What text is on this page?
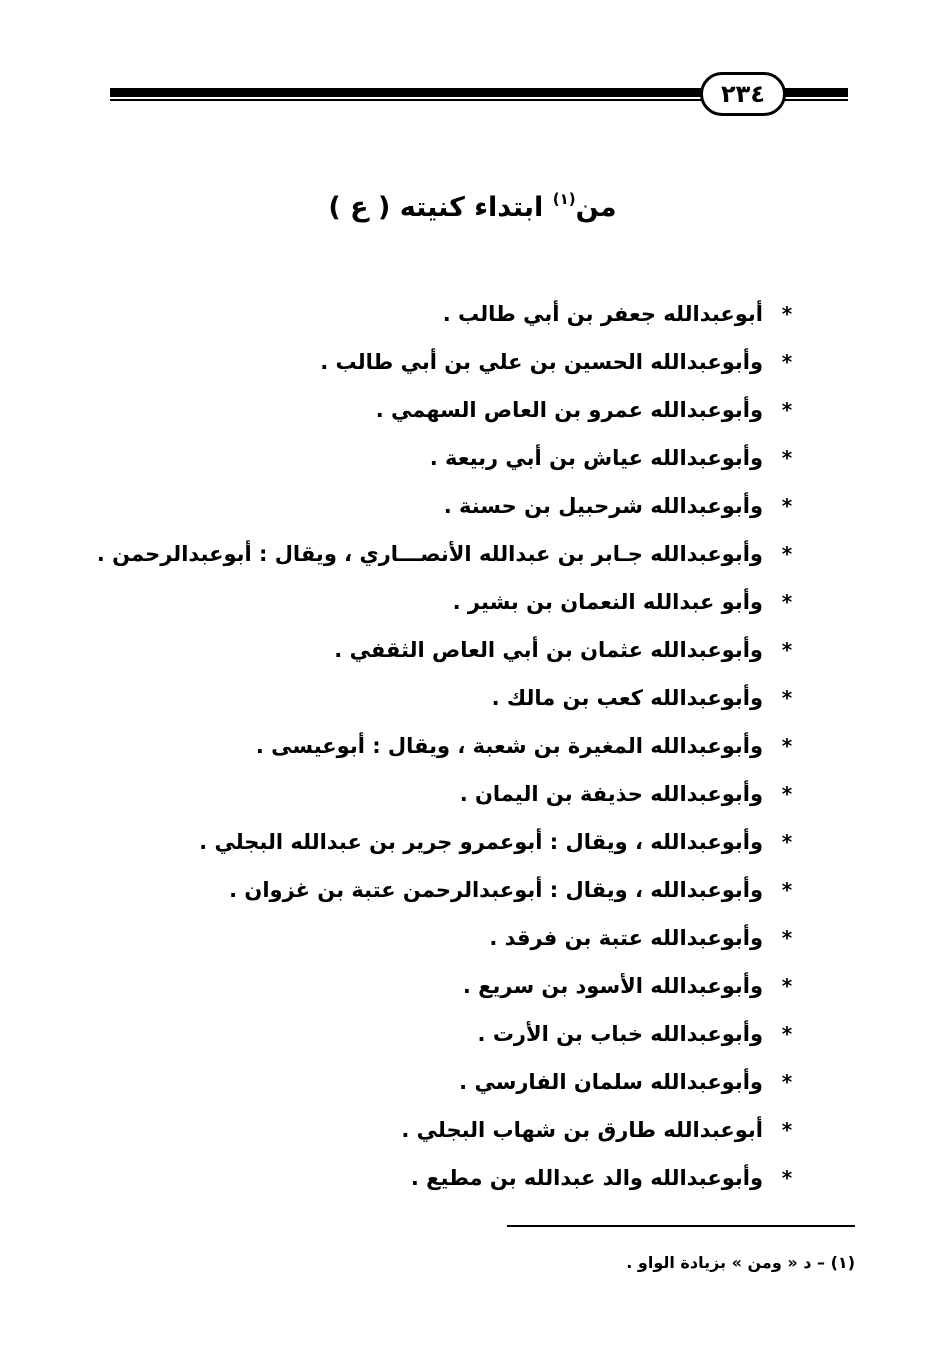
٢٣٤
من$^{(١)}$ ابتداء كنيته ( ع )
*
أبوعبدالله جعفر بن أبي طالب .
*
وأبوعبدالله الحسين بن علي بن أبي طالب .
*
وأبوعبدالله عمرو بن العاص السهمي .
*
وأبوعبدالله عياش بن أبي ربيعة .
*
وأبوعبدالله شرحبيل بن حسنة .
*
وأبوعبدالله جـابر بن عبدالله الأنصـــاري ، ويقال : أبوعبدالرحمن .
*
وأبو عبدالله النعمان بن بشير .
*
وأبوعبدالله عثمان بن أبي العاص الثقفي .
*
وأبوعبدالله كعب بن مالك .
*
وأبوعبدالله المغيرة بن شعبة ، ويقال : أبوعيسى .
*
وأبوعبدالله حذيفة بن اليمان .
*
وأبوعبدالله ، ويقال : أبوعمرو جرير بن عبدالله البجلي .
*
وأبوعبدالله ، ويقال : أبوعبدالرحمن عتبة بن غزوان .
*
وأبوعبدالله عتبة بن فرقد .
*
وأبوعبدالله الأسود بن سريع .
*
وأبوعبدالله خباب بن الأرت .
*
وأبوعبدالله سلمان الفارسي .
*
أبوعبدالله طارق بن شهاب البجلي .
*
وأبوعبدالله والد عبدالله بن مطيع .
(١) – د « ومن » بزيادة الواو .
